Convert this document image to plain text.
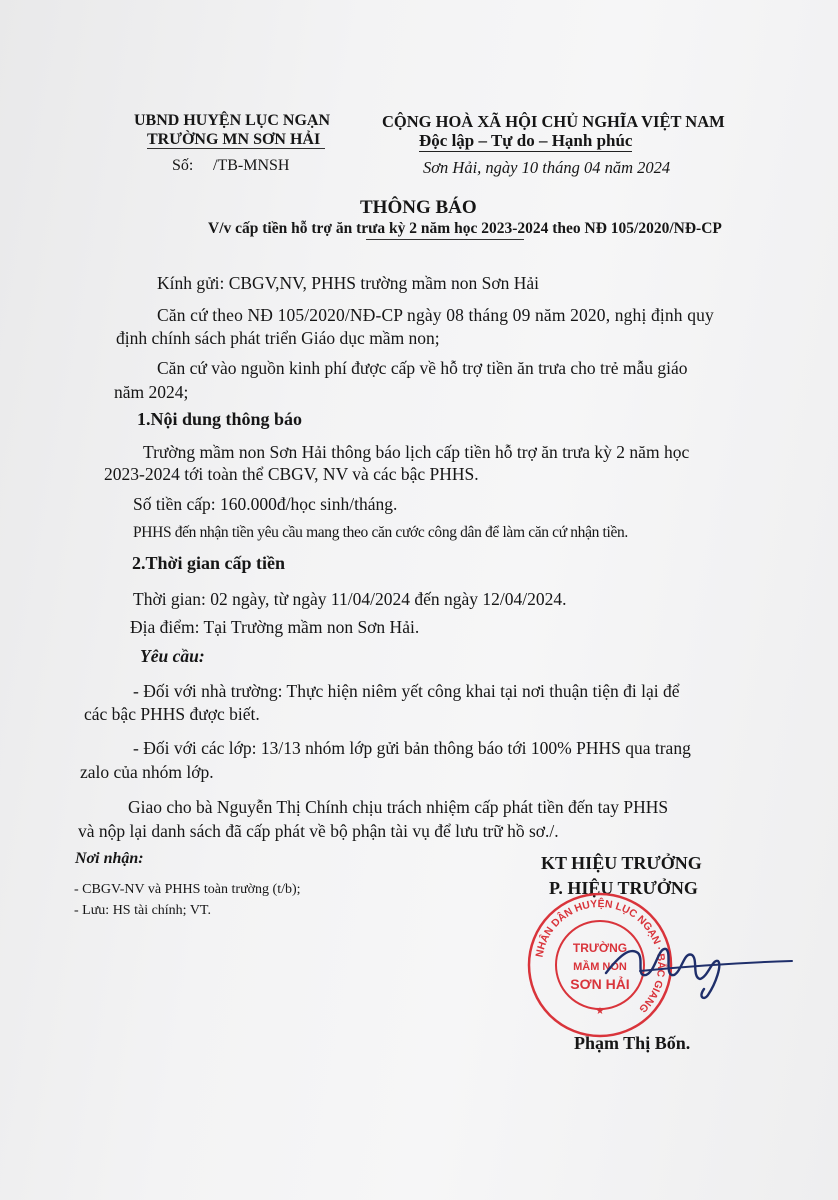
UBND HUYỆN LỤC NGẠN
TRƯỜNG MN SƠN HẢI
Số: /TB-MNSH
CỘNG HOÀ XÃ HỘI CHỦ NGHĨA VIỆT NAM
Độc lập – Tự do – Hạnh phúc
Sơn Hải, ngày 10 tháng 04 năm 2024
THÔNG BÁO
V/v cấp tiền hỗ trợ ăn trưa kỳ 2 năm học 2023-2024 theo NĐ 105/2020/NĐ-CP
Kính gửi: CBGV,NV, PHHS trường mầm non Sơn Hải
Căn cứ theo NĐ 105/2020/NĐ-CP ngày 08 tháng 09 năm 2020, nghị định quy
định chính sách phát triển Giáo dục mầm non;
Căn cứ vào nguồn kinh phí được cấp về hỗ trợ tiền ăn trưa cho trẻ mẫu giáo
năm 2024;
1.Nội dung thông báo
Trường mầm non Sơn Hải thông báo lịch cấp tiền hỗ trợ ăn trưa kỳ 2 năm học
2023-2024 tới toàn thể CBGV, NV và các bậc PHHS.
Số tiền cấp: 160.000đ/học sinh/tháng.
PHHS đến nhận tiền yêu cầu mang theo căn cước công dân để làm căn cứ nhận tiền.
2.Thời gian cấp tiền
Thời gian: 02 ngày, từ ngày 11/04/2024 đến ngày 12/04/2024.
Địa điểm: Tại Trường mầm non Sơn Hải.
Yêu cầu:
- Đối với nhà trường: Thực hiện niêm yết công khai tại nơi thuận tiện đi lại để
các bậc PHHS được biết.
- Đối với các lớp: 13/13 nhóm lớp gửi bản thông báo tới 100% PHHS qua trang
zalo của nhóm lớp.
Giao cho bà Nguyễn Thị Chính chịu trách nhiệm cấp phát tiền đến tay PHHS
và nộp lại danh sách đã cấp phát về bộ phận tài vụ để lưu trữ hồ sơ./.
Nơi nhận:
- CBGV-NV và PHHS toàn trường (t/b);
- Lưu: HS tài chính; VT.
KT HIỆU TRƯỞNG
P. HIỆU TRƯỞNG
NHÂN DÂN HUYỆN LỤC NGẠN · BẮC GIANG
TRƯỜNG
MẦM NON
SƠN HẢI
★
Phạm Thị Bốn.
